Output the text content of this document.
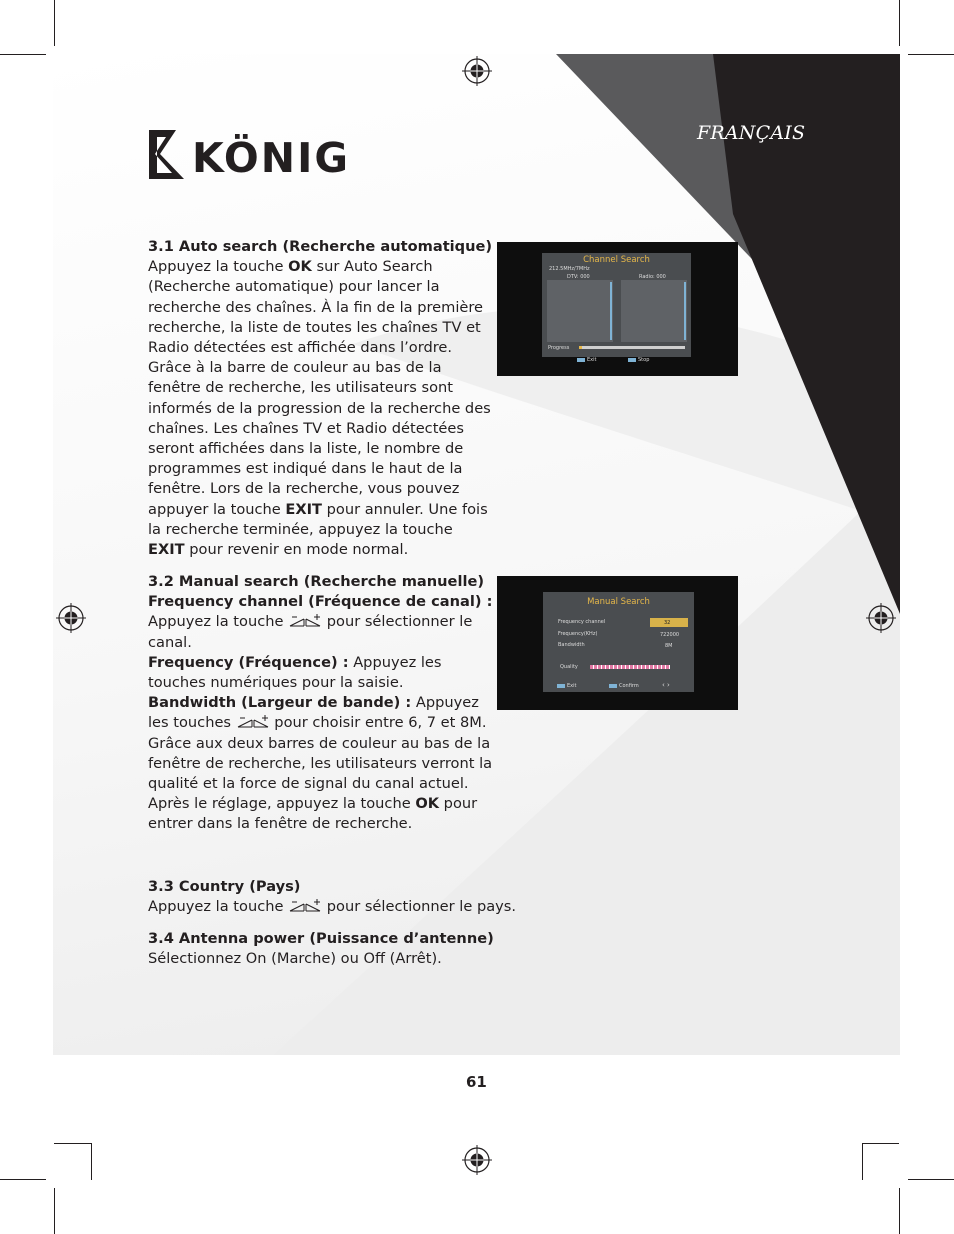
KÖNIG
FRANÇAIS

3.1 Auto search (Recherche automatique)

Appuyez la touche OK sur Auto Search (Recherche automatique) pour lancer la recherche des chaînes. À la fin de la première recherche, la liste de toutes les chaînes TV et Radio détectées est affichée dans l’ordre. Grâce à la barre de couleur au bas de la fenêtre de recherche, les utilisateurs sont informés de la progression de la recherche des chaînes. Les chaînes TV et Radio détectées seront affichées dans la liste, le nombre de programmes est indiqué dans le haut de la fenêtre. Lors de la recherche, vous pouvez appuyer la touche EXIT pour annuler. Une fois la recherche terminée, appuyez la touche EXIT pour revenir en mode normal.

3.2 Manual search (Recherche manuelle)

Frequency channel (Fréquence de canal) :

Appuyez la touche  pour sélectionner le canal.

Frequency (Fréquence) : Appuyez les touches numériques pour la saisie.

Bandwidth (Largeur de bande) : Appuyez les touches  pour choisir entre 6, 7 et 8M. Grâce aux deux barres de couleur au bas de la fenêtre de recherche, les utilisateurs verront la qualité et la force de signal du canal actuel. Après le réglage, appuyez la touche OK pour entrer dans la fenêtre de recherche.

3.3 Country (Pays)

Appuyez la touche  pour sélectionner le pays.

3.4 Antenna power (Puissance d’antenne)

Sélectionnez On (Marche) ou Off (Arrêt).

Channel Search
212.5MHz/7MHz
DTV: 000	Radio: 000
Progress
Exit	Stop
Manual Search
Frequency channel	32
Frequency(KHz)	722000
Bandwidth	8M
Quality
Exit	Confirm	‹ ›
61
